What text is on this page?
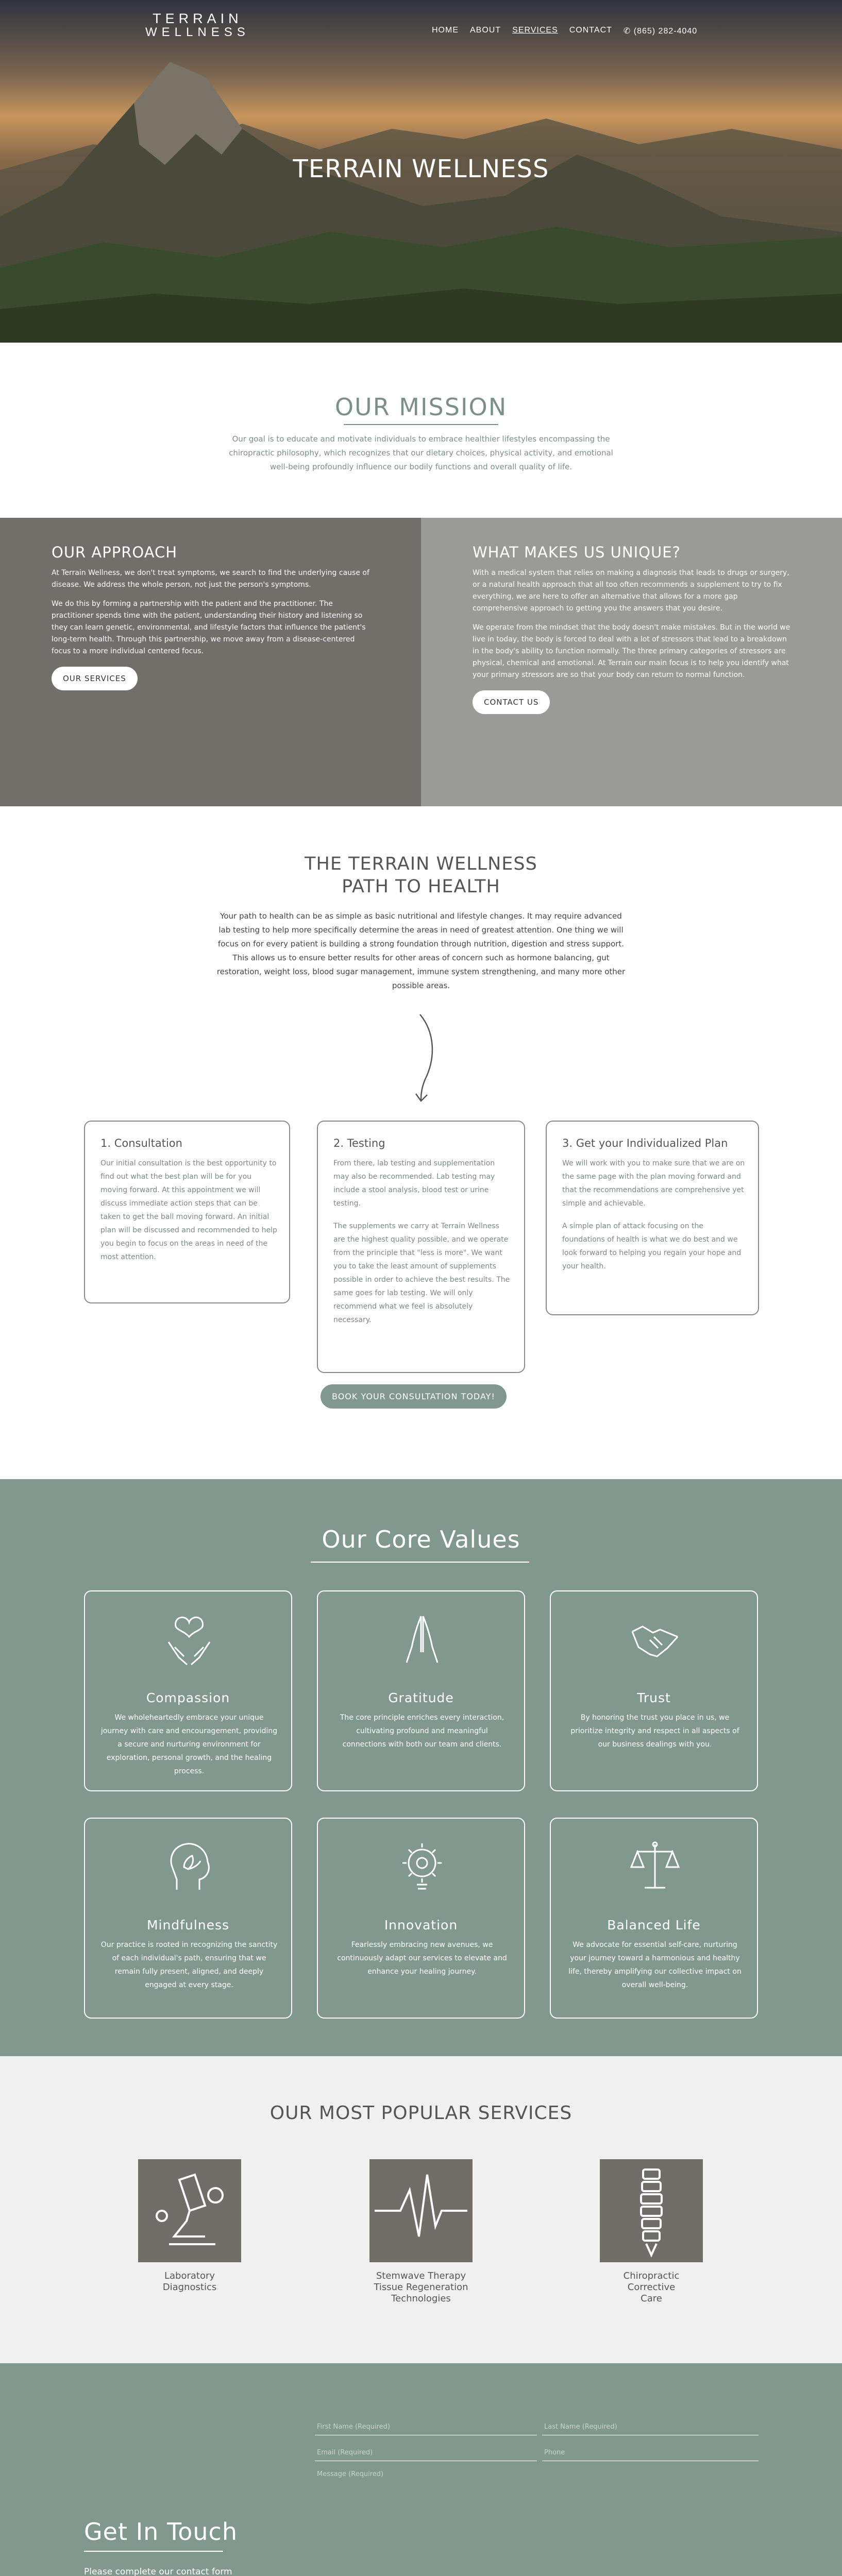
TERRAIN
WELLNESS	HOME ABOUT SERVICES CONTACT ✆ (865) 282-4040
TERRAIN WELLNESS
OUR MISSION

Our goal is to educate and motivate individuals to embrace healthier lifestyles encompassing the chiropractic philosophy, which recognizes that our dietary choices, physical activity, and emotional well-being profoundly influence our bodily functions and overall quality of life.

OUR APPROACH

At Terrain Wellness, we don't treat symptoms, we search to find the underlying cause of disease. We address the whole person, not just the person's symptoms.

We do this by forming a partnership with the patient and the practitioner. The practitioner spends time with the patient, understanding their history and listening so they can learn genetic, environmental, and lifestyle factors that influence the patient's long-term health. Through this partnership, we move away from a disease-centered focus to a more individual centered focus.

OUR SERVICES
WHAT MAKES US UNIQUE?

With a medical system that relies on making a diagnosis that leads to drugs or surgery, or a natural health approach that all too often recommends a supplement to try to fix everything, we are here to offer an alternative that allows for a more gap comprehensive approach to getting you the answers that you desire.

We operate from the mindset that the body doesn't make mistakes. But in the world we live in today, the body is forced to deal with a lot of stressors that lead to a breakdown in the body's ability to function normally. The three primary categories of stressors are physical, chemical and emotional. At Terrain our main focus is to help you identify what your primary stressors are so that your body can return to normal function.

CONTACT US
THE TERRAIN WELLNESS
PATH TO HEALTH

Your path to health can be as simple as basic nutritional and lifestyle changes. It may require advanced lab testing to help more specifically determine the areas in need of greatest attention. One thing we will focus on for every patient is building a strong foundation through nutrition, digestion and stress support. This allows us to ensure better results for other areas of concern such as hormone balancing, gut restoration, weight loss, blood sugar management, immune system strengthening, and many more other possible areas.

1. Consultation

Our initial consultation is the best opportunity to find out what the best plan will be for you moving forward. At this appointment we will discuss immediate action steps that can be taken to get the ball moving forward. An initial plan will be discussed and recommended to help you begin to focus on the areas in need of the most attention.

2. Testing

From there, lab testing and supplementation may also be recommended. Lab testing may include a stool analysis, blood test or urine testing.

The supplements we carry at Terrain Wellness are the highest quality possible, and we operate from the principle that "less is more". We want you to take the least amount of supplements possible in order to achieve the best results. The same goes for lab testing. We will only recommend what we feel is absolutely necessary.

3. Get your Individualized Plan

We will work with you to make sure that we are on the same page with the plan moving forward and that the recommendations are comprehensive yet simple and achievable.

A simple plan of attack focusing on the foundations of health is what we do best and we look forward to helping you regain your hope and your health.

BOOK YOUR CONSULTATION TODAY!
Our Core Values
Compassion

We wholeheartedly embrace your unique journey with care and encouragement, providing a secure and nurturing environment for exploration, personal growth, and the healing process.

Gratitude

The core principle enriches every interaction, cultivating profound and meaningful connections with both our team and clients.

Trust

By honoring the trust you place in us, we prioritize integrity and respect in all aspects of our business dealings with you.

Mindfulness

Our practice is rooted in recognizing the sanctity of each individual's path, ensuring that we remain fully present, aligned, and deeply engaged at every stage.

Innovation

Fearlessly embracing new avenues, we continuously adapt our services to elevate and enhance your healing journey.

Balanced Life

We advocate for essential self-care, nurturing your journey toward a harmonious and healthy life, thereby amplifying our collective impact on overall well-being.

OUR MOST POPULAR SERVICES
Laboratory Diagnostics
Stemwave Therapy
Tissue Regeneration
Technologies
Chiropractic Corrective
Care
First Name (Required)	Last Name (Required)
Email (Required)	Phone
Message (Required)
Get In Touch

Please complete our contact form
